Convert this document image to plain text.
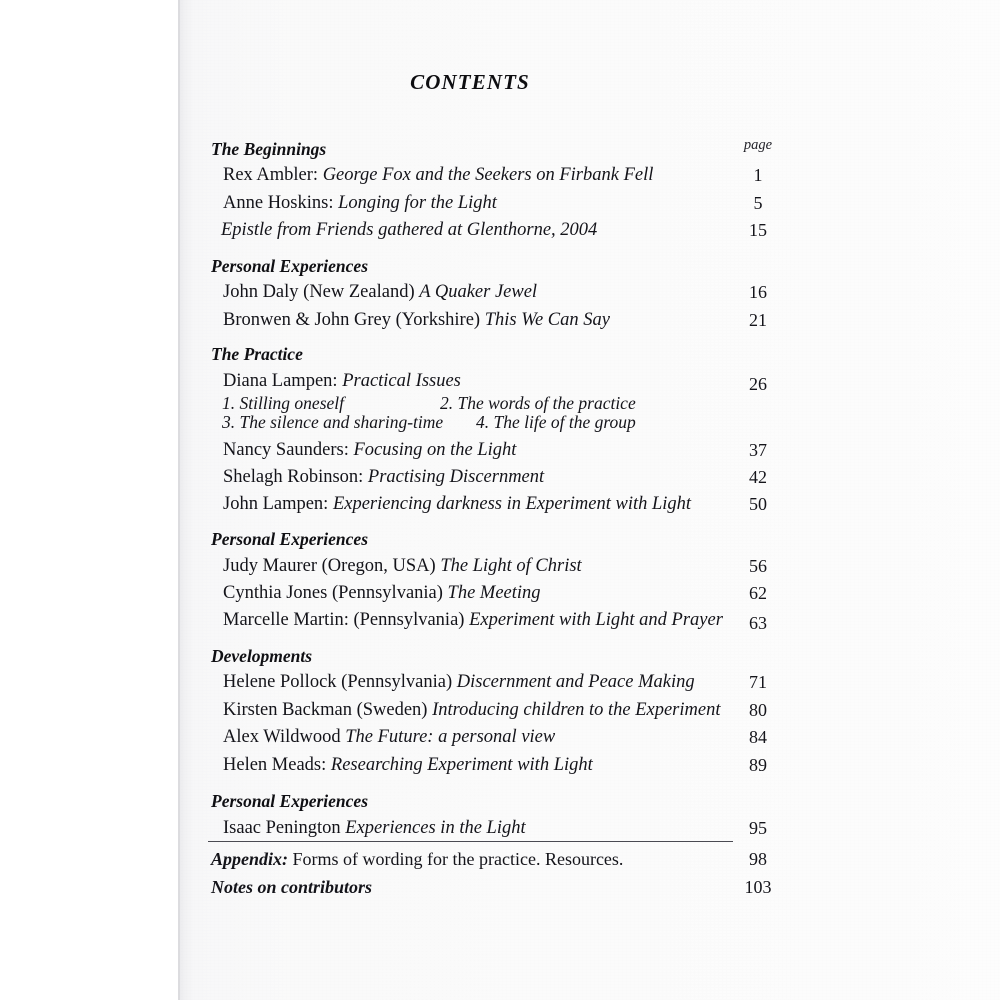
CONTENTS
page
The Beginnings
Rex Ambler: George Fox and the Seekers on Firbank Fell	1
Anne Hoskins: Longing for the Light	5
Epistle from Friends gathered at Glenthorne, 2004	15
Personal Experiences
John Daly (New Zealand) A Quaker Jewel	16
Bronwen & John Grey (Yorkshire) This We Can Say	21
The Practice
Diana Lampen: Practical Issues	26
1. Stilling oneself	2. The words of the practice
3. The silence and sharing-time 4. The life of the group
Nancy Saunders: Focusing on the Light	37
Shelagh Robinson: Practising Discernment	42
John Lampen: Experiencing darkness in Experiment with Light	50
Personal Experiences
Judy Maurer (Oregon, USA) The Light of Christ	56
Cynthia Jones (Pennsylvania) The Meeting	62
Marcelle Martin: (Pennsylvania) Experiment with Light and Prayer	63
Developments
Helene Pollock (Pennsylvania) Discernment and Peace Making	71
Kirsten Backman (Sweden) Introducing children to the Experiment	80
Alex Wildwood The Future: a personal view	84
Helen Meads: Researching Experiment with Light	89
Personal Experiences
Isaac Penington Experiences in the Light	95
Appendix: Forms of wording for the practice. Resources.	98
Notes on contributors	103
